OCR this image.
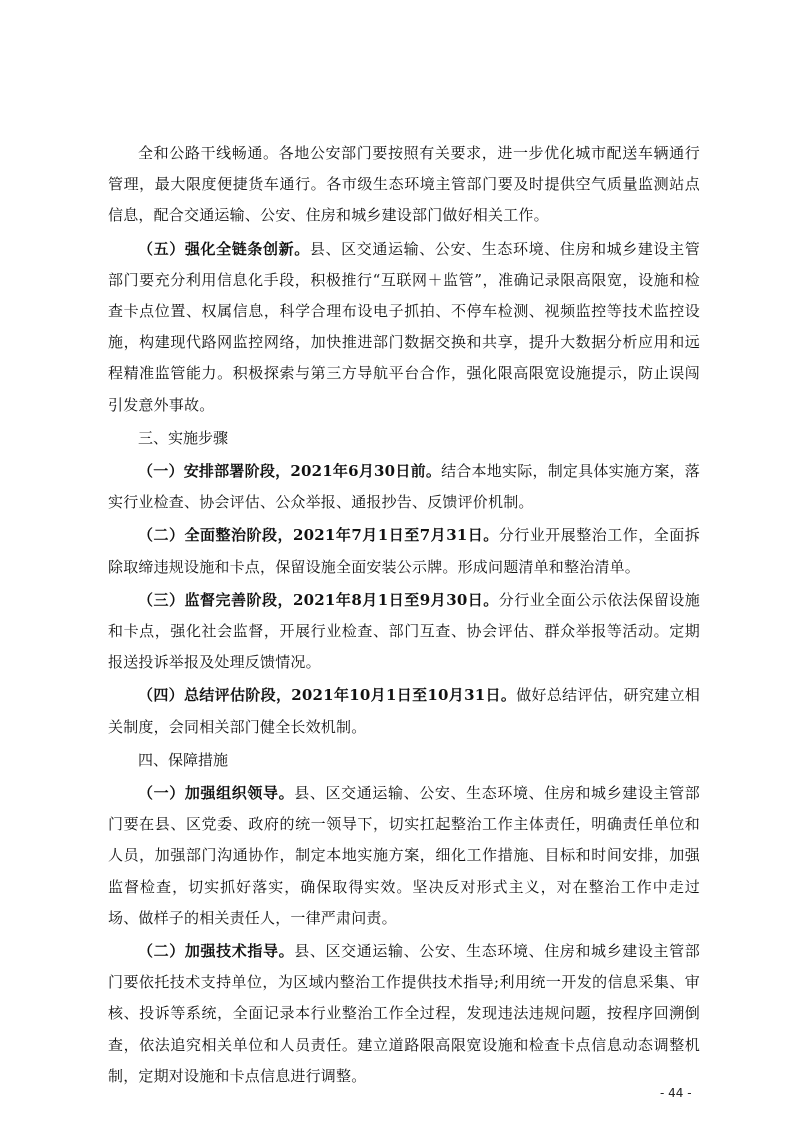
全和公路干线畅通。各地公安部门要按照有关要求，进一步优化城市配送车辆通行管理，最大限度便捷货车通行。各市级生态环境主管部门要及时提供空气质量监测站点信息，配合交通运输、公安、住房和城乡建设部门做好相关工作。

（五）强化全链条创新。县、区交通运输、公安、生态环境、住房和城乡建设主管部门要充分利用信息化手段，积极推行“互联网＋监管”，准确记录限高限宽，设施和检查卡点位置、权属信息，科学合理布设电子抓拍、不停车检测、视频监控等技术监控设施，构建现代路网监控网络，加快推进部门数据交换和共享，提升大数据分析应用和远程精准监管能力。积极探索与第三方导航平台合作，强化限高限宽设施提示，防止误闯引发意外事故。

三、实施步骤

（一）安排部署阶段，2021年6月30日前。结合本地实际，制定具体实施方案，落实行业检查、协会评估、公众举报、通报抄告、反馈评价机制。

（二）全面整治阶段，2021年7月1日至7月31日。分行业开展整治工作，全面拆除取缔违规设施和卡点，保留设施全面安装公示牌。形成问题清单和整治清单。

（三）监督完善阶段，2021年8月1日至9月30日。分行业全面公示依法保留设施和卡点，强化社会监督，开展行业检查、部门互查、协会评估、群众举报等活动。定期报送投诉举报及处理反馈情况。

（四）总结评估阶段，2021年10月1日至10月31日。做好总结评估，研究建立相关制度，会同相关部门健全长效机制。

四、保障措施

（一）加强组织领导。县、区交通运输、公安、生态环境、住房和城乡建设主管部门要在县、区党委、政府的统一领导下，切实扛起整治工作主体责任，明确责任单位和人员，加强部门沟通协作，制定本地实施方案，细化工作措施、目标和时间安排，加强监督检查，切实抓好落实，确保取得实效。坚决反对形式主义，对在整治工作中走过场、做样子的相关责任人，一律严肃问责。

（二）加强技术指导。县、区交通运输、公安、生态环境、住房和城乡建设主管部门要依托技术支持单位，为区域内整治工作提供技术指导;利用统一开发的信息采集、审核、投诉等系统，全面记录本行业整治工作全过程，发现违法违规问题，按程序回溯倒查，依法追究相关单位和人员责任。建立道路限高限宽设施和检查卡点信息动态调整机制，定期对设施和卡点信息进行调整。

- 44 -
